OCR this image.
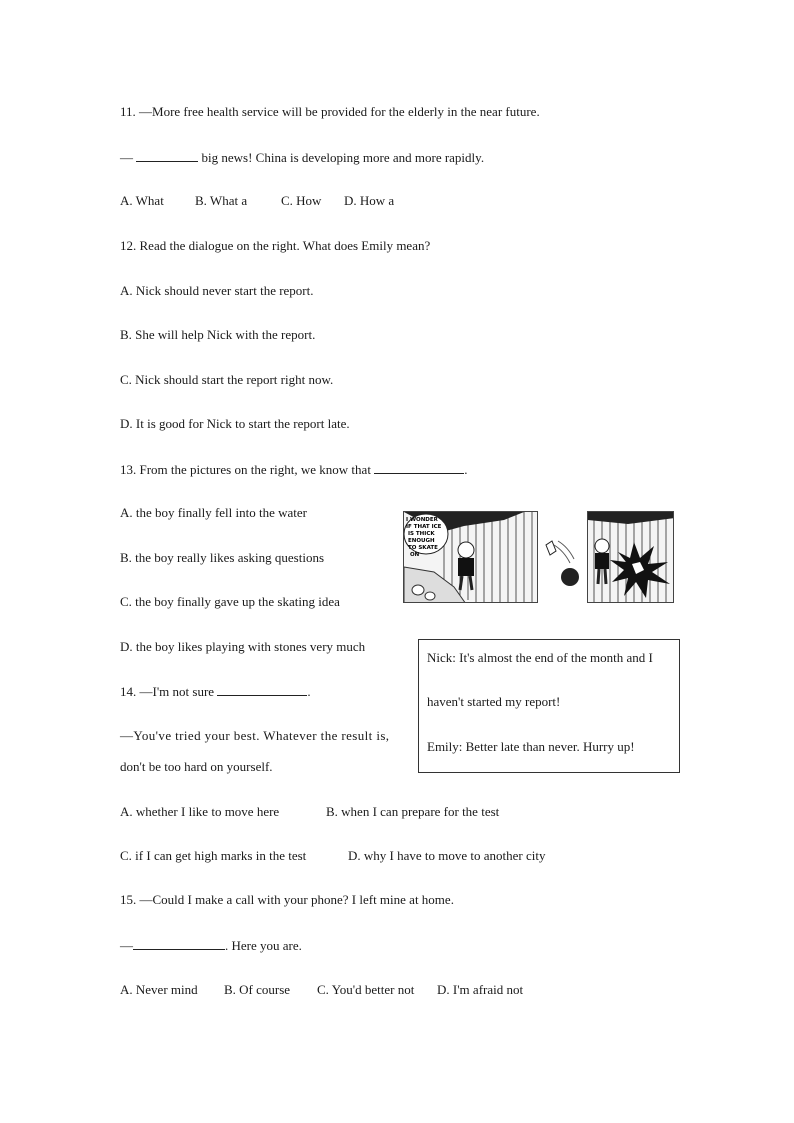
11. —More free health service will be provided for the elderly in the near future.
—	big news! China is developing more and more rapidly.
A. What B. What a	C. How D. How a
12. Read the dialogue on the right. What does Emily mean?
A. Nick should never start the report.
B. She will help Nick with the report.
C. Nick should start the report right now.
D. It is good for Nick to start the report late.
13. From the pictures on the right, we know that	.
A. the boy finally fell into the water
B. the boy really likes asking questions
C. the boy finally gave up the skating idea
D. the boy likes playing with stones very much
I WONDER
IF THAT ICE
IS THICK
ENOUGH
TO SKATE
ON
Nick: It's almost the end of the month and I
haven't started my report!
Emily: Better late than never. Hurry up!
14. —I'm not sure	.
—You've tried your best. Whatever the result is,
don't be too hard on yourself.
A. whether I like to move here	B. when I can prepare for the test
C. if I can get high marks in the test	D. why I have to move to another city
15. —Could I make a call with your phone? I left mine at home.
—	. Here you are.
A. Never mind B. Of course C. You'd better not D. I'm afraid not
